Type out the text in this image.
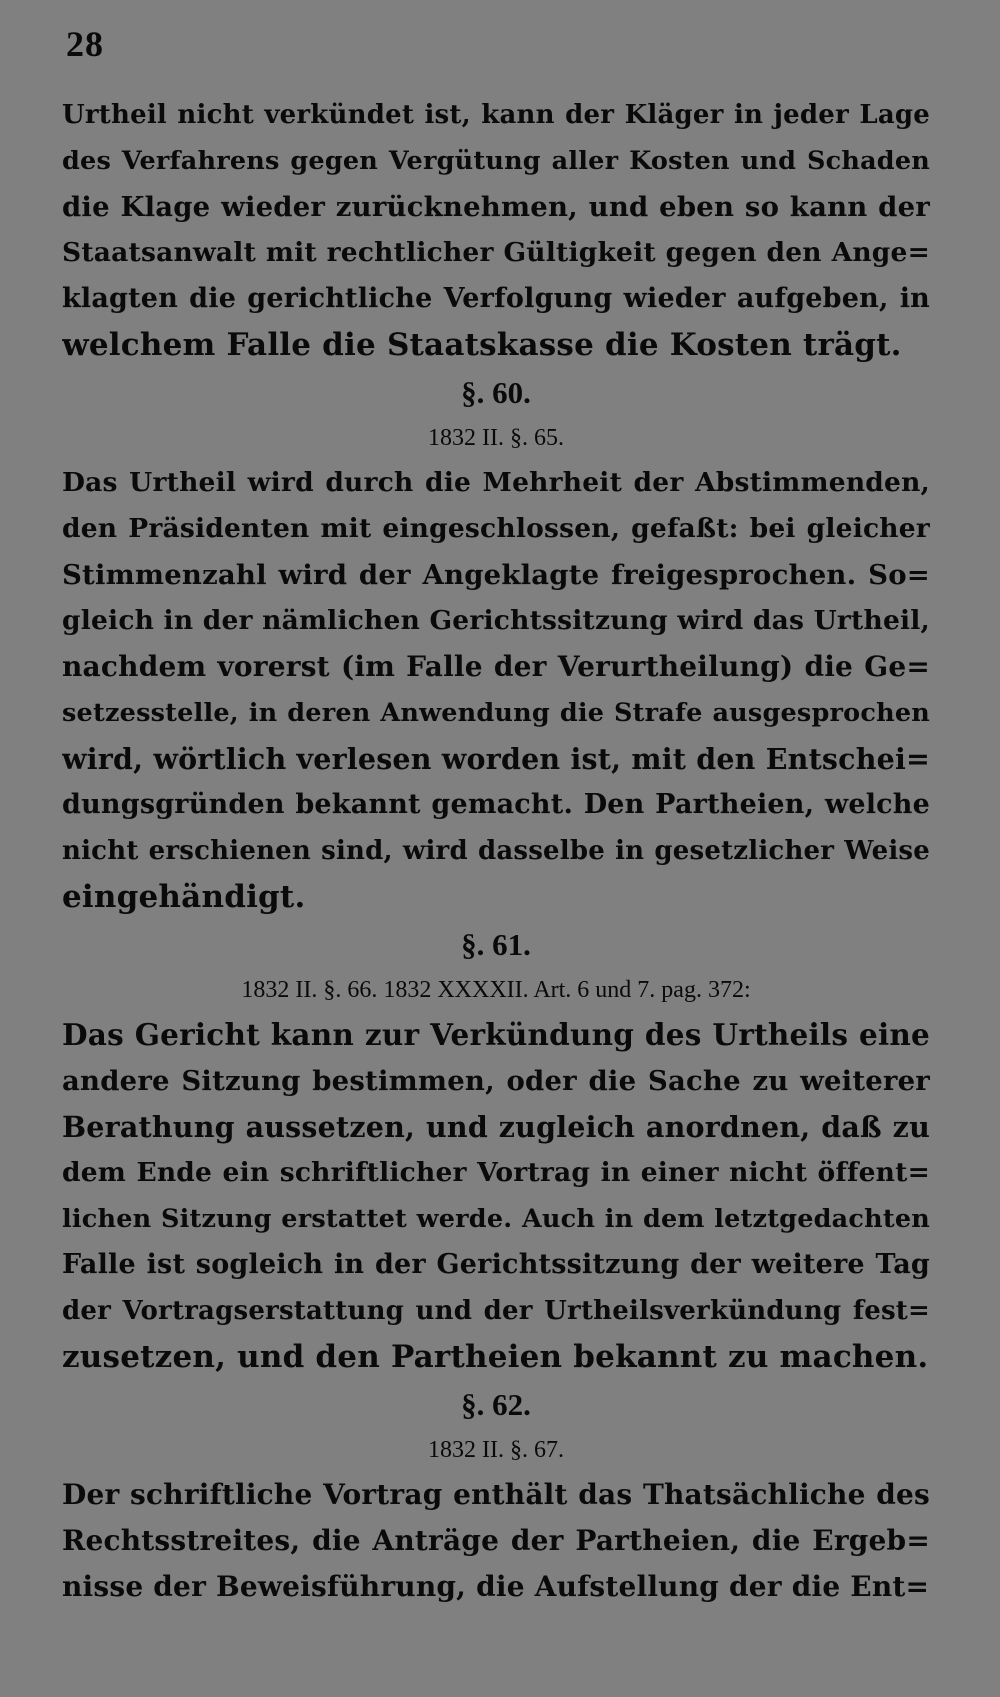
28
Urtheil nicht verkündet ist, kann der Kläger in jeder Lage
des Verfahrens gegen Vergütung aller Kosten und Schaden
die Klage wieder zurücknehmen, und eben so kann der
Staatsanwalt mit rechtlicher Gültigkeit gegen den Ange=
klagten die gerichtliche Verfolgung wieder aufgeben, in
welchem Falle die Staatskasse die Kosten trägt.
§. 60.
1832 II. §. 65.
Das Urtheil wird durch die Mehrheit der Abstimmenden,
den Präsidenten mit eingeschlossen, gefaßt: bei gleicher
Stimmenzahl wird der Angeklagte freigesprochen. So=
gleich in der nämlichen Gerichtssitzung wird das Urtheil,
nachdem vorerst (im Falle der Verurtheilung) die Ge=
setzesstelle, in deren Anwendung die Strafe ausgesprochen
wird, wörtlich verlesen worden ist, mit den Entschei=
dungsgründen bekannt gemacht. Den Partheien, welche
nicht erschienen sind, wird dasselbe in gesetzlicher Weise
eingehändigt.
§. 61.
1832 II. §. 66. 1832 XXXXII. Art. 6 und 7. pag. 372:
Das Gericht kann zur Verkündung des Urtheils eine
andere Sitzung bestimmen, oder die Sache zu weiterer
Berathung aussetzen, und zugleich anordnen, daß zu
dem Ende ein schriftlicher Vortrag in einer nicht öffent=
lichen Sitzung erstattet werde. Auch in dem letztgedachten
Falle ist sogleich in der Gerichtssitzung der weitere Tag
der Vortragserstattung und der Urtheilsverkündung fest=
zusetzen, und den Partheien bekannt zu machen.
§. 62.
1832 II. §. 67.
Der schriftliche Vortrag enthält das Thatsächliche des
Rechtsstreites, die Anträge der Partheien, die Ergeb=
nisse der Beweisführung, die Aufstellung der die Ent=
